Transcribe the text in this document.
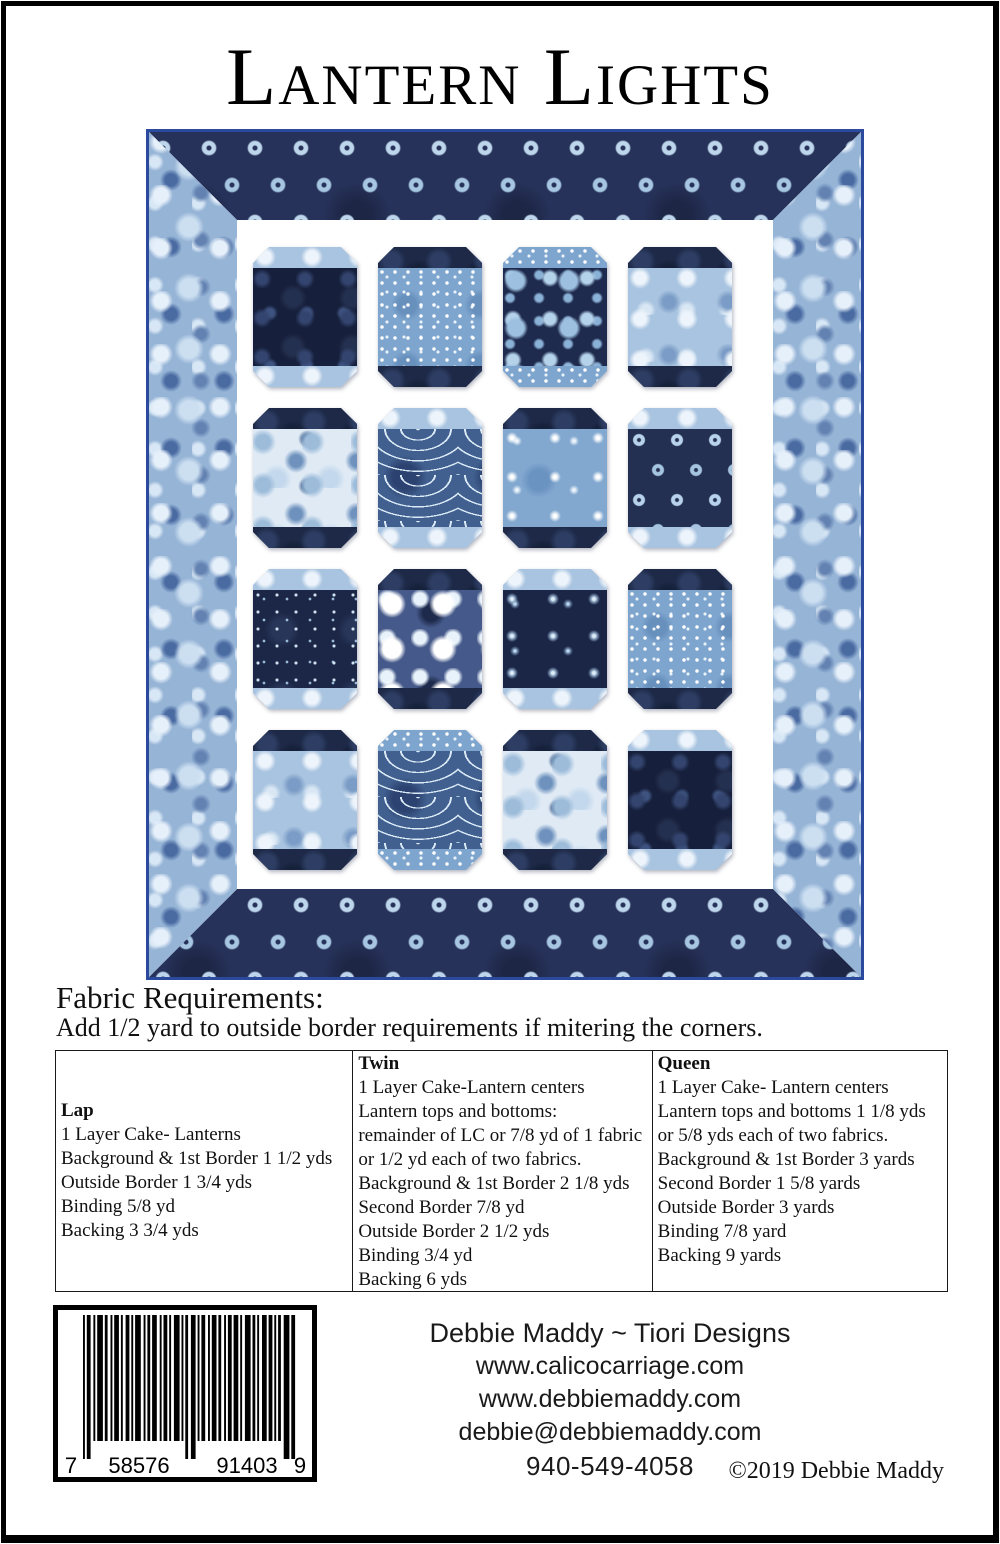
Lantern Lights
Fabric Requirements:
Add 1/2 yard to outside border requirements if mitering the corners.
Lap
1 Layer Cake- Lanterns
Background & 1st Border 1 1/2 yds
Outside Border 1 3/4 yds
Binding 5/8 yd
Backing 3 3/4 yds
Twin
1 Layer Cake-Lantern centers
Lantern tops and bottoms:
remainder of LC or 7/8 yd of 1 fabric
or 1/2 yd each of two fabrics.
Background & 1st Border 2 1/8 yds
Second Border 7/8 yd
Outside Border 2 1/2 yds
Binding 3/4 yd
Backing 6 yds
Queen
1 Layer Cake- Lantern centers
Lantern tops and bottoms 1 1/8 yds
or 5/8 yds each of two fabrics.
Background & 1st Border 3 yards
Second Border 1 5/8 yards
Outside Border 3 yards
Binding 7/8 yard
Backing 9 yards
7 58576 91403 9
Debbie Maddy ~ Tiori Designs
www.calicocarriage.com
www.debbiemaddy.com
debbie@debbiemaddy.com
940-549-4058	©2019 Debbie Maddy
